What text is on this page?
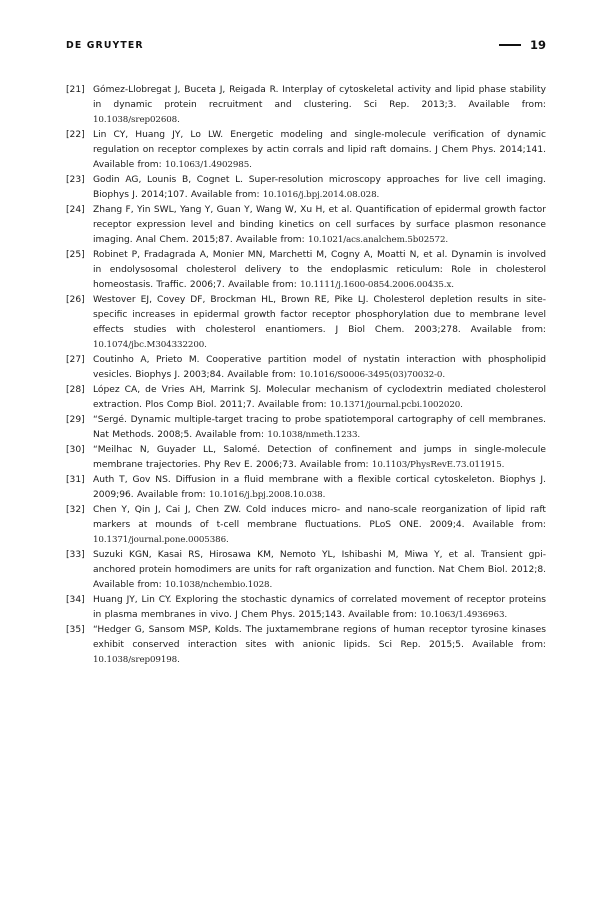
DE GRUYTER	19

[21] Gómez-Llobregat J, Buceta J, Reigada R. Interplay of cytoskeletal activity and lipid phase stability in dynamic protein recruitment and clustering. Sci Rep. 2013;3. Available from: 10.1038/srep02608.

[22] Lin CY, Huang JY, Lo LW. Energetic modeling and single-molecule verification of dynamic regulation on receptor complexes by actin corrals and lipid raft domains. J Chem Phys. 2014;141. Available from: 10.1063/1.4902985.

[23] Godin AG, Lounis B, Cognet L. Super-resolution microscopy approaches for live cell imaging. Biophys J. 2014;107. Available from: 10.1016/j.bpj.2014.08.028.

[24] Zhang F, Yin SWL, Yang Y, Guan Y, Wang W, Xu H, et al. Quantification of epidermal growth factor receptor expression level and binding kinetics on cell surfaces by surface plasmon resonance imaging. Anal Chem. 2015;87. Available from: 10.1021/acs.analchem.5b02572.

[25] Robinet P, Fradagrada A, Monier MN, Marchetti M, Cogny A, Moatti N, et al. Dynamin is involved in endolysosomal cholesterol delivery to the endoplasmic reticulum: Role in cholesterol homeostasis. Traffic. 2006;7. Available from: 10.1111/j.1600-0854.2006.00435.x.

[26] Westover EJ, Covey DF, Brockman HL, Brown RE, Pike LJ. Cholesterol depletion results in site-specific increases in epidermal growth factor receptor phosphorylation due to membrane level effects studies with cholesterol enantiomers. J Biol Chem. 2003;278. Available from: 10.1074/jbc.M304332200.

[27] Coutinho A, Prieto M. Cooperative partition model of nystatin interaction with phospholipid vesicles. Biophys J. 2003;84. Available from: 10.1016/S0006-3495(03)70032-0.

[28] López CA, de Vries AH, Marrink SJ. Molecular mechanism of cyclodextrin mediated cholesterol extraction. Plos Comp Biol. 2011;7. Available from: 10.1371/journal.pcbi.1002020.

[29] “Sergé. Dynamic multiple-target tracing to probe spatiotemporal cartography of cell membranes. Nat Methods. 2008;5. Available from: 10.1038/nmeth.1233.

[30] “Meilhac N, Guyader LL, Salomé. Detection of confinement and jumps in single-molecule membrane trajectories. Phy Rev E. 2006;73. Available from: 10.1103/PhysRevE.73.011915.

[31] Auth T, Gov NS. Diffusion in a fluid membrane with a flexible cortical cytoskeleton. Biophys J. 2009;96. Available from: 10.1016/j.bpj.2008.10.038.

[32] Chen Y, Qin J, Cai J, Chen ZW. Cold induces micro- and nano-scale reorganization of lipid raft markers at mounds of t-cell membrane fluctuations. PLoS ONE. 2009;4. Available from: 10.1371/journal.pone.0005386.

[33] Suzuki KGN, Kasai RS, Hirosawa KM, Nemoto YL, Ishibashi M, Miwa Y, et al. Transient gpi-anchored protein homodimers are units for raft organization and function. Nat Chem Biol. 2012;8. Available from: 10.1038/nchembio.1028.

[34] Huang JY, Lin CY. Exploring the stochastic dynamics of correlated movement of receptor proteins in plasma membranes in vivo. J Chem Phys. 2015;143. Available from: 10.1063/1.4936963.

[35] “Hedger G, Sansom MSP, Kolds. The juxtamembrane regions of human receptor tyrosine kinases exhibit conserved interaction sites with anionic lipids. Sci Rep. 2015;5. Available from: 10.1038/srep09198.
